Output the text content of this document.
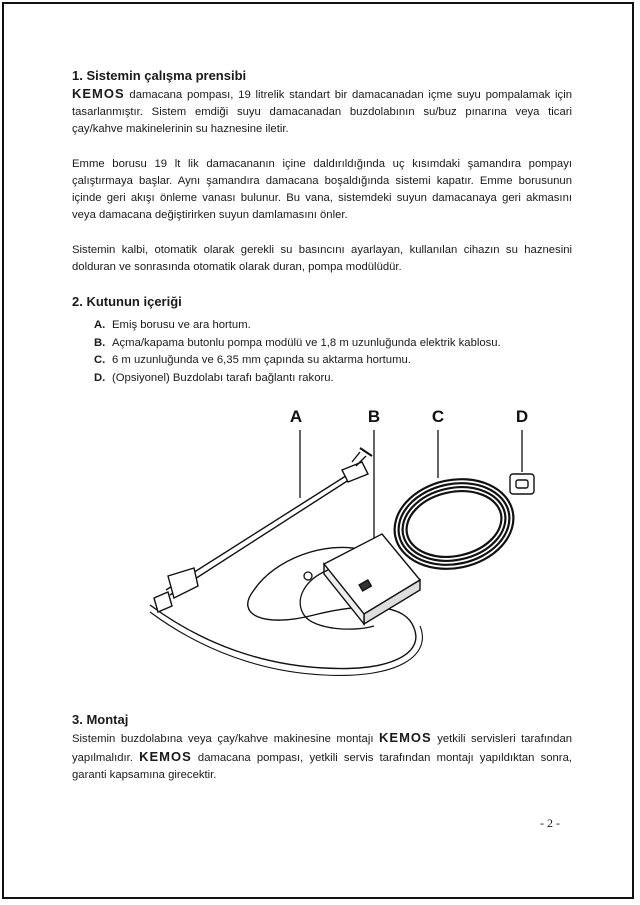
1. Sistemin çalışma prensibi

KEMOS damacana pompası, 19 litrelik standart bir damacanadan içme suyu pompalamak için tasarlanmıştır. Sistem emdiği suyu damacanadan buzdolabının su/buz pınarına veya ticari çay/kahve makinelerinin su haznesine iletir.

Emme borusu 19 lt lik damacananın içine daldırıldığında uç kısımdaki şamandıra pompayı çalıştırmaya başlar. Aynı şamandıra damacana boşaldığında sistemi kapatır. Emme borusunun içinde geri akışı önleme vanası bulunur. Bu vana, sistemdeki suyun damacanaya geri akmasını veya damacana değiştirirken suyun damlamasını önler.

Sistemin kalbi, otomatik olarak gerekli su basıncını ayarlayan, kullanılan cihazın su haznesini dolduran ve sonrasında otomatik olarak duran, pompa modülüdür.

2. Kutunun içeriği
A. Emiş borusu ve ara hortum.
B. Açma/kapama butonlu pompa modülü ve 1,8 m uzunluğunda elektrik kablosu.
C. 6 m uzunluğunda ve 6,35 mm çapında su aktarma hortumu.
D. (Opsiyonel) Buzdolabı tarafı bağlantı rakoru.
A	B	C	D
3. Montaj

Sistemin buzdolabına veya çay/kahve makinesine montajı KEMOS yetkili servisleri tarafından yapılmalıdır. KEMOS damacana pompası, yetkili servis tarafından montajı yapıldıktan sonra, garanti kapsamına girecektir.

- 2 -
